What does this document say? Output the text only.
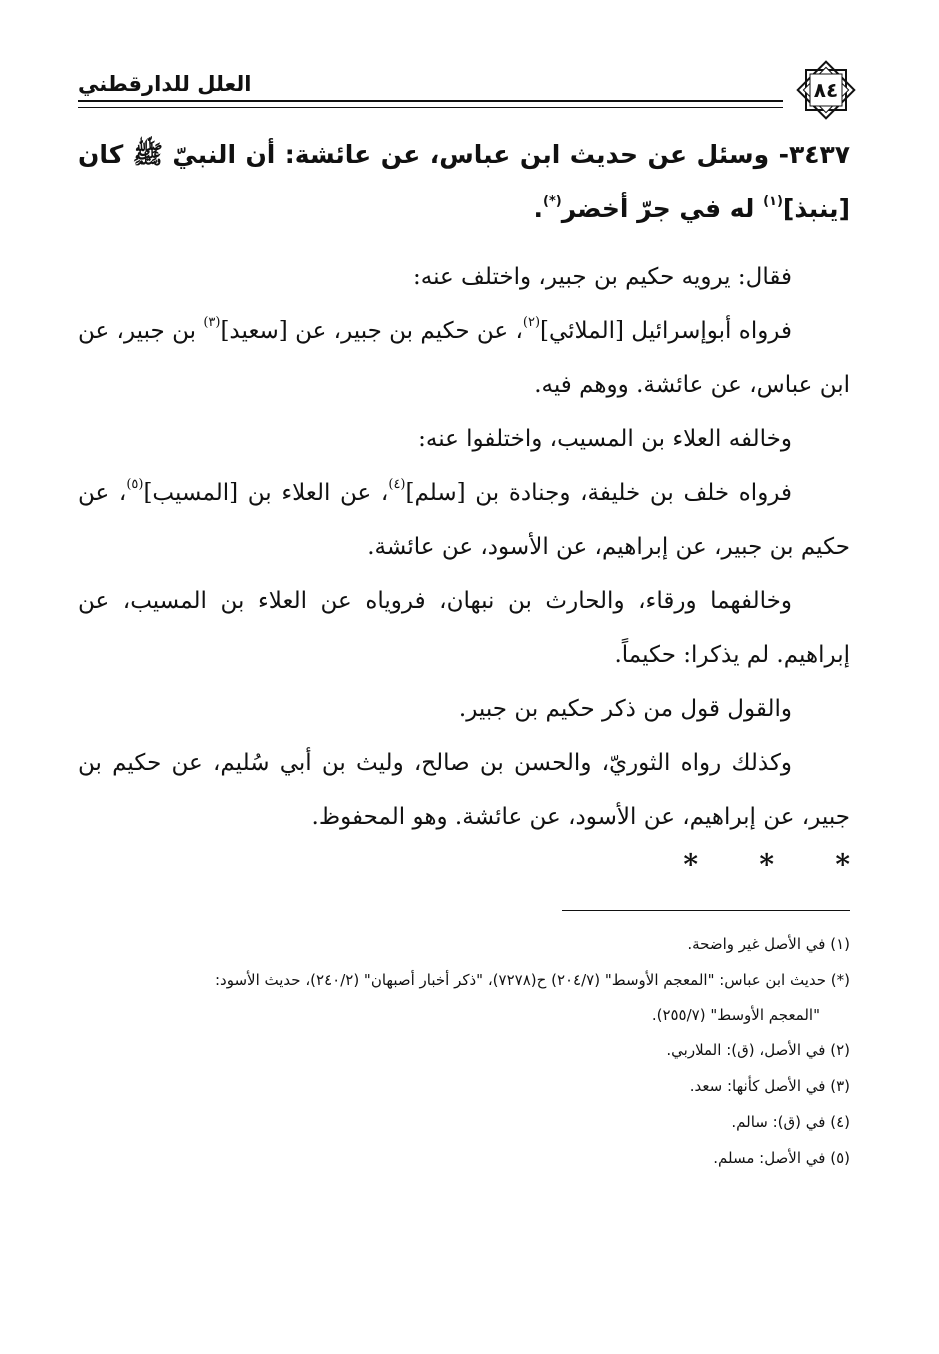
العلل للدارقطني	٨٤

٣٤٣٧- وسئل عن حديث ابن عباس، عن عائشة: أن النبيّ ﷺ كان [ينبذ]$^{(١)}$ له في جرّ أخضر(*).

فقال: يرويه حكيم بن جبير، واختلف عنه:

فرواه أبوإسرائيل [الملائي]$^{(٢)}$، عن حكيم بن جبير، عن [سعيد]$^{(٣)}$ بن جبير، عن ابن عباس، عن عائشة. ووهم فيه.

وخالفه العلاء بن المسيب، واختلفوا عنه:

فرواه خلف بن خليفة، وجنادة بن [سلم]$^{(٤)}$، عن العلاء بن [المسيب]$^{(٥)}$، عن حكيم بن جبير، عن إبراهيم، عن الأسود، عن عائشة.

وخالفهما ورقاء، والحارث بن نبهان، فروياه عن العلاء بن المسيب، عن إبراهيم. لم يذكرا: حكيماً.

والقول قول من ذكر حكيم بن جبير.

وكذلك رواه الثوريّ، والحسن بن صالح، وليث بن أبي سُليم، عن حكيم بن جبير، عن إبراهيم، عن الأسود، عن عائشة. وهو المحفوظ.

* * *

(١) في الأصل غير واضحة.

(*) حديث ابن عباس: "المعجم الأوسط" (٢٠٤/٧) ح(٧٢٧٨)، "ذكر أخبار أصبهان" (٢٤٠/٢)، حديث الأسود:

"المعجم الأوسط" (٢٥٥/٧).

(٢) في الأصل، (ق): الملاربي.

(٣) في الأصل كأنها: سعد.

(٤) في (ق): سالم.

(٥) في الأصل: مسلم.
